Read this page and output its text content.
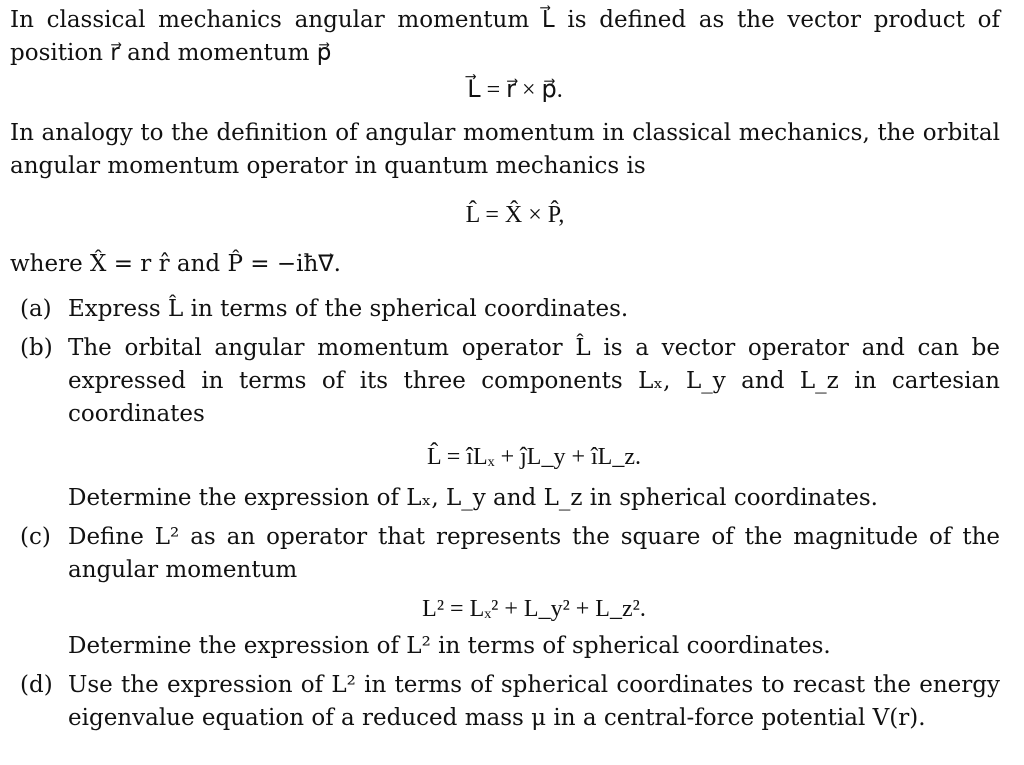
In classical mechanics angular momentum L⃗ is defined as the vector product of position r⃗ and momentum p⃗

L⃗ = r⃗ × p⃗.

In analogy to the definition of angular momentum in classical mechanics, the orbital angular momentum operator in quantum mechanics is

L̂ = X̂ × P̂,

where X̂ = r r̂ and P̂ = −iħ∇⃗.

(a) Express L̂ in terms of the spherical coordinates.

(b) The orbital angular momentum operator L̂ is a vector operator and can be expressed in terms of its three components Lₓ, L_y and L_z in cartesian coordinates

L̂ = îLₓ + ĵL_y + îL_z.

Determine the expression of Lₓ, L_y and L_z in spherical coordinates.

(c) Define L² as an operator that represents the square of the magnitude of the angular momentum

L² = Lₓ² + L_y² + L_z².

Determine the expression of L² in terms of spherical coordinates.

(d) Use the expression of L² in terms of spherical coordinates to recast the energy eigenvalue equation of a reduced mass μ in a central-force potential V(r).
